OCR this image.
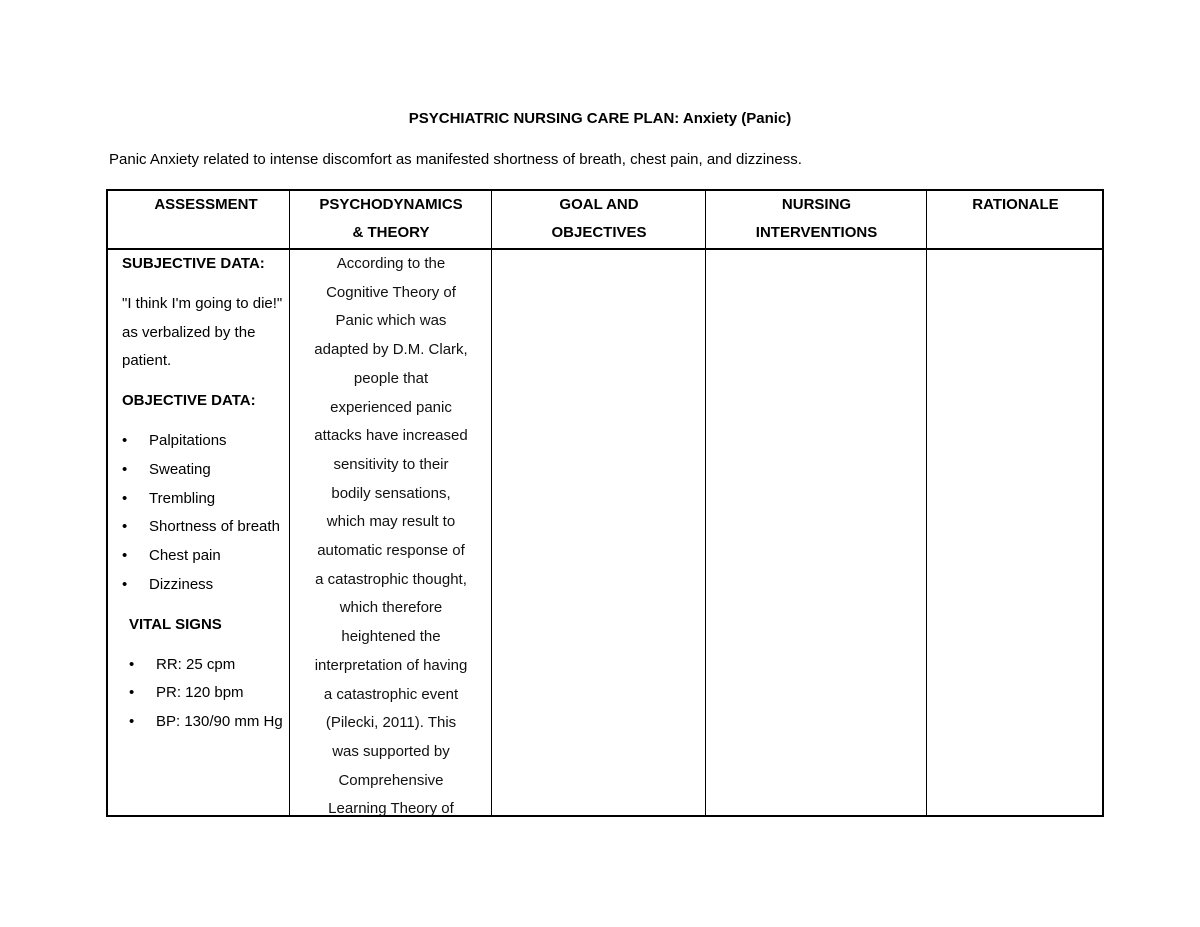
PSYCHIATRIC NURSING CARE PLAN: Anxiety (Panic)
Panic Anxiety related to intense discomfort as manifested shortness of breath, chest pain, and dizziness.
ASSESSMENT	PSYCHODYNAMICS
& THEORY
GOAL AND
OBJECTIVES
NURSING
INTERVENTIONS
RATIONALE
SUBJECTIVE DATA:
"I think I'm going to die!" as verbalized by the patient.
OBJECTIVE DATA:
• Palpitations
• Sweating
• Trembling
• Shortness of breath
• Chest pain
• Dizziness
VITAL SIGNS
• RR: 25 cpm
• PR: 120 bpm
• BP: 130/90 mm Hg
According to the
Cognitive Theory of
Panic which was
adapted by D.M. Clark,
people that
experienced panic
attacks have increased
sensitivity to their
bodily sensations,
which may result to
automatic response of
a catastrophic thought,
which therefore
heightened the
interpretation of having
a catastrophic event
(Pilecki, 2011). This
was supported by
Comprehensive
Learning Theory of
